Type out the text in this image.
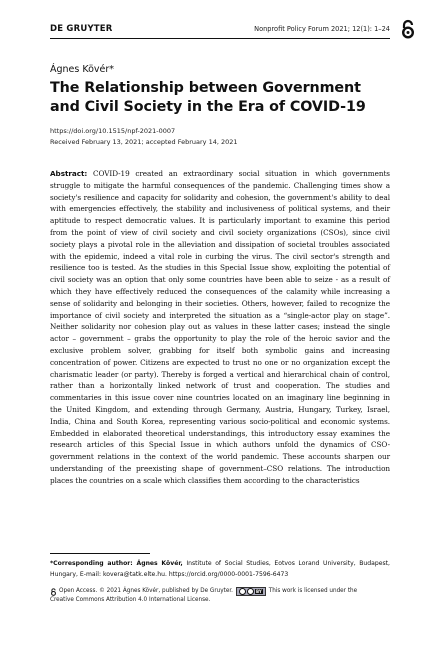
DE GRUYTER	Nonprofit Policy Forum 2021; 12(1): 1–24
Ágnes Kövér*
The Relationship between Government and Civil Society in the Era of COVID-19
https://doi.org/10.1515/npf-2021-0007
Received February 13, 2021; accepted February 14, 2021
Abstract: COVID-19 created an extraordinary social situation in which governments struggle to mitigate the harmful consequences of the pandemic. Challenging times show a society's resilience and capacity for solidarity and cohesion, the government's ability to deal with emergencies effectively, the stability and inclusiveness of political systems, and their aptitude to respect democratic values. It is particularly important to examine this period from the point of view of civil society and civil society organizations (CSOs), since civil society plays a pivotal role in the alleviation and dissipation of societal troubles associated with the epidemic, indeed a vital role in curbing the virus. The civil sector's strength and resilience too is tested. As the studies in this Special Issue show, exploiting the potential of civil society was an option that only some countries have been able to seize - as a result of which they have effectively reduced the consequences of the calamity while increasing a sense of solidarity and belonging in their societies. Others, however, failed to recognize the importance of civil society and interpreted the situation as a “single-actor play on stage”. Neither solidarity nor cohesion play out as values in these latter cases; instead the single actor – government – grabs the opportunity to play the role of the heroic savior and the exclusive problem solver, grabbing for itself both symbolic gains and increasing concentration of power. Citizens are expected to trust no one or no organization except the charismatic leader (or party). Thereby is forged a vertical and hierarchical chain of control, rather than a horizontally linked network of trust and cooperation. The studies and commentaries in this issue cover nine countries located on an imaginary line beginning in the United Kingdom, and extending through Germany, Austria, Hungary, Turkey, Israel, India, China and South Korea, representing various socio-political and economic systems. Embedded in elaborated theoretical understandings, this introductory essay examines the research articles of this Special Issue in which authors unfold the dynamics of CSO-government relations in the context of the world pandemic. These accounts sharpen our understanding of the preexisting shape of government–CSO relations. The introduction places the countries on a scale which classifies them according to the characteristics
*Corresponding author: Ágnes Kövér, Institute of Social Studies, Eotvos Lorand University, Budapest, Hungary, E-mail: kovera@tatk.elte.hu. https://orcid.org/0000-0001-7596-6473
Open Access. © 2021 Ágnes Kövér, published by De Gruyter.	BY This work is licensed under the
Creative Commons Attribution 4.0 International License.
